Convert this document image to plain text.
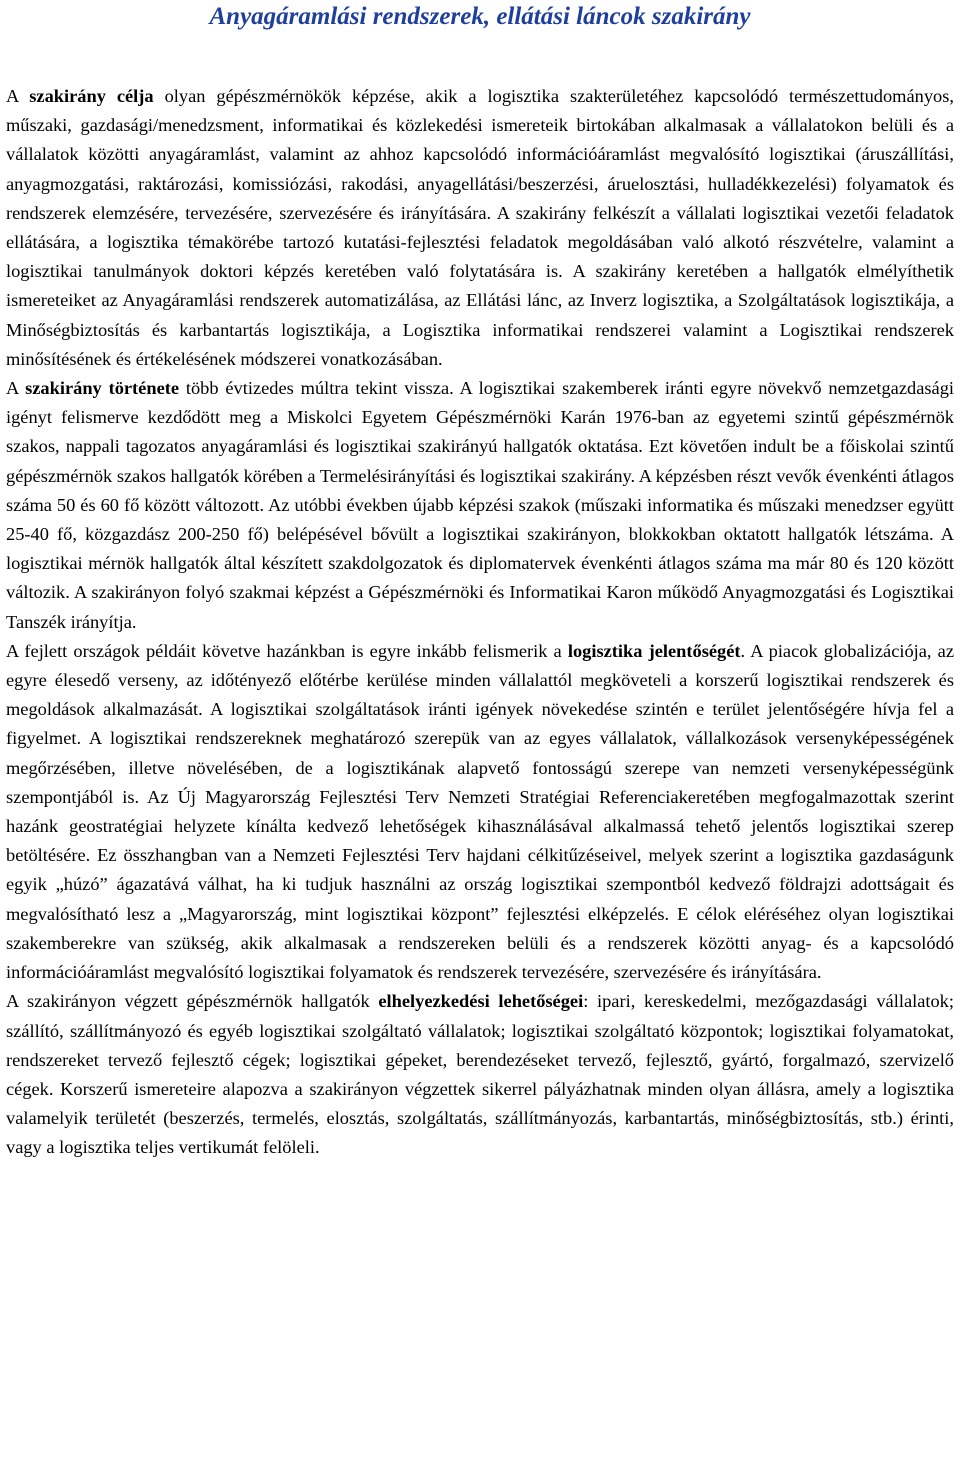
Anyagáramlási rendszerek, ellátási láncok szakirány

A szakirány célja olyan gépészmérnökök képzése, akik a logisztika szakterületéhez kapcsolódó természettudományos, műszaki, gazdasági/menedzsment, informatikai és közlekedési ismereteik birtokában alkalmasak a vállalatokon belüli és a vállalatok közötti anyagáramlást, valamint az ahhoz kapcsolódó információáramlást megvalósító logisztikai (áruszállítási, anyagmozgatási, raktározási, komissiózási, rakodási, anyagellátási/beszerzési, áruelosztási, hulladékkezelési) folyamatok és rendszerek elemzésére, tervezésére, szervezésére és irányítására. A szakirány felkészít a vállalati logisztikai vezetői feladatok ellátására, a logisztika témakörébe tartozó kutatási-fejlesztési feladatok megoldásában való alkotó részvételre, valamint a logisztikai tanulmányok doktori képzés keretében való folytatására is. A szakirány keretében a hallgatók elmélyíthetik ismereteiket az Anyagáramlási rendszerek automatizálása, az Ellátási lánc, az Inverz logisztika, a Szolgáltatások logisztikája, a Minőségbiztosítás és karbantartás logisztikája, a Logisztika informatikai rendszerei valamint a Logisztikai rendszerek minősítésének és értékelésének módszerei vonatkozásában.

A szakirány története több évtizedes múltra tekint vissza. A logisztikai szakemberek iránti egyre növekvő nemzetgazdasági igényt felismerve kezdődött meg a Miskolci Egyetem Gépészmérnöki Karán 1976-ban az egyetemi szintű gépészmérnök szakos, nappali tagozatos anyagáramlási és logisztikai szakirányú hallgatók oktatása. Ezt követően indult be a főiskolai szintű gépészmérnök szakos hallgatók körében a Termelésirányítási és logisztikai szakirány. A képzésben részt vevők évenkénti átlagos száma 50 és 60 fő között változott. Az utóbbi években újabb képzési szakok (műszaki informatika és műszaki menedzser együtt 25-40 fő, közgazdász 200-250 fő) belépésével bővült a logisztikai szakirányon, blokkokban oktatott hallgatók létszáma. A logisztikai mérnök hallgatók által készített szakdolgozatok és diplomatervek évenkénti átlagos száma ma már 80 és 120 között változik. A szakirányon folyó szakmai képzést a Gépészmérnöki és Informatikai Karon működő Anyagmozgatási és Logisztikai Tanszék irányítja.

A fejlett országok példáit követve hazánkban is egyre inkább felismerik a logisztika jelentőségét. A piacok globalizációja, az egyre élesedő verseny, az időtényező előtérbe kerülése minden vállalattól megköveteli a korszerű logisztikai rendszerek és megoldások alkalmazását. A logisztikai szolgáltatások iránti igények növekedése szintén e terület jelentőségére hívja fel a figyelmet. A logisztikai rendszereknek meghatározó szerepük van az egyes vállalatok, vállalkozások versenyképességének megőrzésében, illetve növelésében, de a logisztikának alapvető fontosságú szerepe van nemzeti versenyképességünk szempontjából is. Az Új Magyarország Fejlesztési Terv Nemzeti Stratégiai Referenciakeretében megfogalmazottak szerint hazánk geostratégiai helyzete kínálta kedvező lehetőségek kihasználásával alkalmassá tehető jelentős logisztikai szerep betöltésére. Ez összhangban van a Nemzeti Fejlesztési Terv hajdani célkitűzéseivel, melyek szerint a logisztika gazdaságunk egyik „húzó” ágazatává válhat, ha ki tudjuk használni az ország logisztikai szempontból kedvező földrajzi adottságait és megvalósítható lesz a „Magyarország, mint logisztikai központ” fejlesztési elképzelés. E célok eléréséhez olyan logisztikai szakemberekre van szükség, akik alkalmasak a rendszereken belüli és a rendszerek közötti anyag- és a kapcsolódó információáramlást megvalósító logisztikai folyamatok és rendszerek tervezésére, szervezésére és irányítására.

A szakirányon végzett gépészmérnök hallgatók elhelyezkedési lehetőségei: ipari, kereskedelmi, mezőgazdasági vállalatok; szállító, szállítmányozó és egyéb logisztikai szolgáltató vállalatok; logisztikai szolgáltató központok; logisztikai folyamatokat, rendszereket tervező fejlesztő cégek; logisztikai gépeket, berendezéseket tervező, fejlesztő, gyártó, forgalmazó, szervizelő cégek. Korszerű ismereteire alapozva a szakirányon végzettek sikerrel pályázhatnak minden olyan állásra, amely a logisztika valamelyik területét (beszerzés, termelés, elosztás, szolgáltatás, szállítmányozás, karbantartás, minőségbiztosítás, stb.) érinti, vagy a logisztika teljes vertikumát felöleli.
